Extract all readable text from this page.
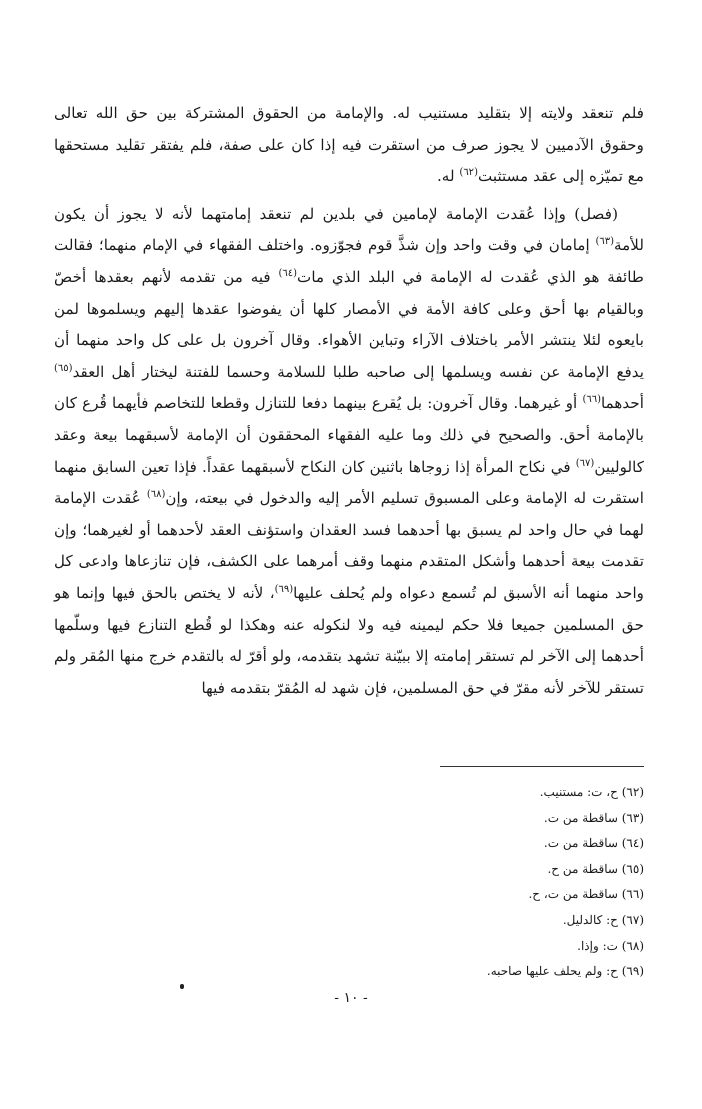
فلم تنعقد ولايته إلا بتقليد مستنيب له. والإمامة من الحقوق المشتركة بين حق الله تعالى وحقوق الآدميين لا يجوز صرف من استقرت فيه إذا كان على صفة، فلم يفتقر تقليد مستحقها مع تميّزه إلى عقد مستثبت$^{(٦٢)}$ له.

(فصل) وإذا عُقدت الإمامة لإمامين في بلدين لم تنعقد إمامتهما لأنه لا يجوز أن يكون للأمة$^{(٦٣)}$ إمامان في وقت واحد وإن شذَّ قوم فجوّزوه. واختلف الفقهاء في الإمام منهما؛ فقالت طائفة هو الذي عُقدت له الإمامة في البلد الذي مات$^{(٦٤)}$ فيه من تقدمه لأنهم بعقدها أخصّ وبالقيام بها أحق وعلى كافة الأمة في الأمصار كلها أن يفوضوا عقدها إليهم ويسلموها لمن بايعوه لئلا ينتشر الأمر باختلاف الآراء وتباين الأهواء. وقال آخرون بل على كل واحد منهما أن يدفع الإمامة عن نفسه ويسلمها إلى صاحبه طلبا للسلامة وحسما للفتنة ليختار أهل العقد$^{(٦٥)}$ أحدهما$^{(٦٦)}$ أو غيرهما. وقال آخرون: بل يُقرع بينهما دفعا للتنازل وقطعا للتخاصم فأيهما قُرع كان بالإمامة أحق. والصحيح في ذلك وما عليه الفقهاء المحققون أن الإمامة لأسبقهما بيعة وعقد كالوليين$^{(٦٧)}$ في نكاح المرأة إذا زوجاها باثنين كان النكاح لأسبقهما عقداً. فإذا تعين السابق منهما استقرت له الإمامة وعلى المسبوق تسليم الأمر إليه والدخول في بيعته، وإن$^{(٦٨)}$ عُقدت الإمامة لهما في حال واحد لم يسبق بها أحدهما فسد العقدان واستؤنف العقد لأحدهما أو لغيرهما؛ وإن تقدمت بيعة أحدهما وأشكل المتقدم منهما وقف أمرهما على الكشف، فإن تنازعاها وادعى كل واحد منهما أنه الأسبق لم تُسمع دعواه ولم يُحلف عليها$^{(٦٩)}$، لأنه لا يختص بالحق فيها وإنما هو حق المسلمين جميعا فلا حكم ليمينه فيه ولا لنكوله عنه وهكذا لو قُطع التنازع فيها وسلّمها أحدهما إلى الآخر لم تستقر إمامته إلا ببيّنة تشهد بتقدمه، ولو أقرّ له بالتقدم خرج منها المُقر ولم تستقر للآخر لأنه مقرّ في حق المسلمين، فإن شهد له المُقرّ بتقدمه فيها

(٦٢) ح، ت: مستنيب.
(٦٣) ساقطة من ت.
(٦٤) ساقطة من ت.
(٦٥) ساقطة من ح.
(٦٦) ساقطة من ت، ح.
(٦٧) ح: كالدليل.
(٦٨) ت: وإذا.
(٦٩) ح: ولم يحلف عليها صاحبه.
- ١٠ -
